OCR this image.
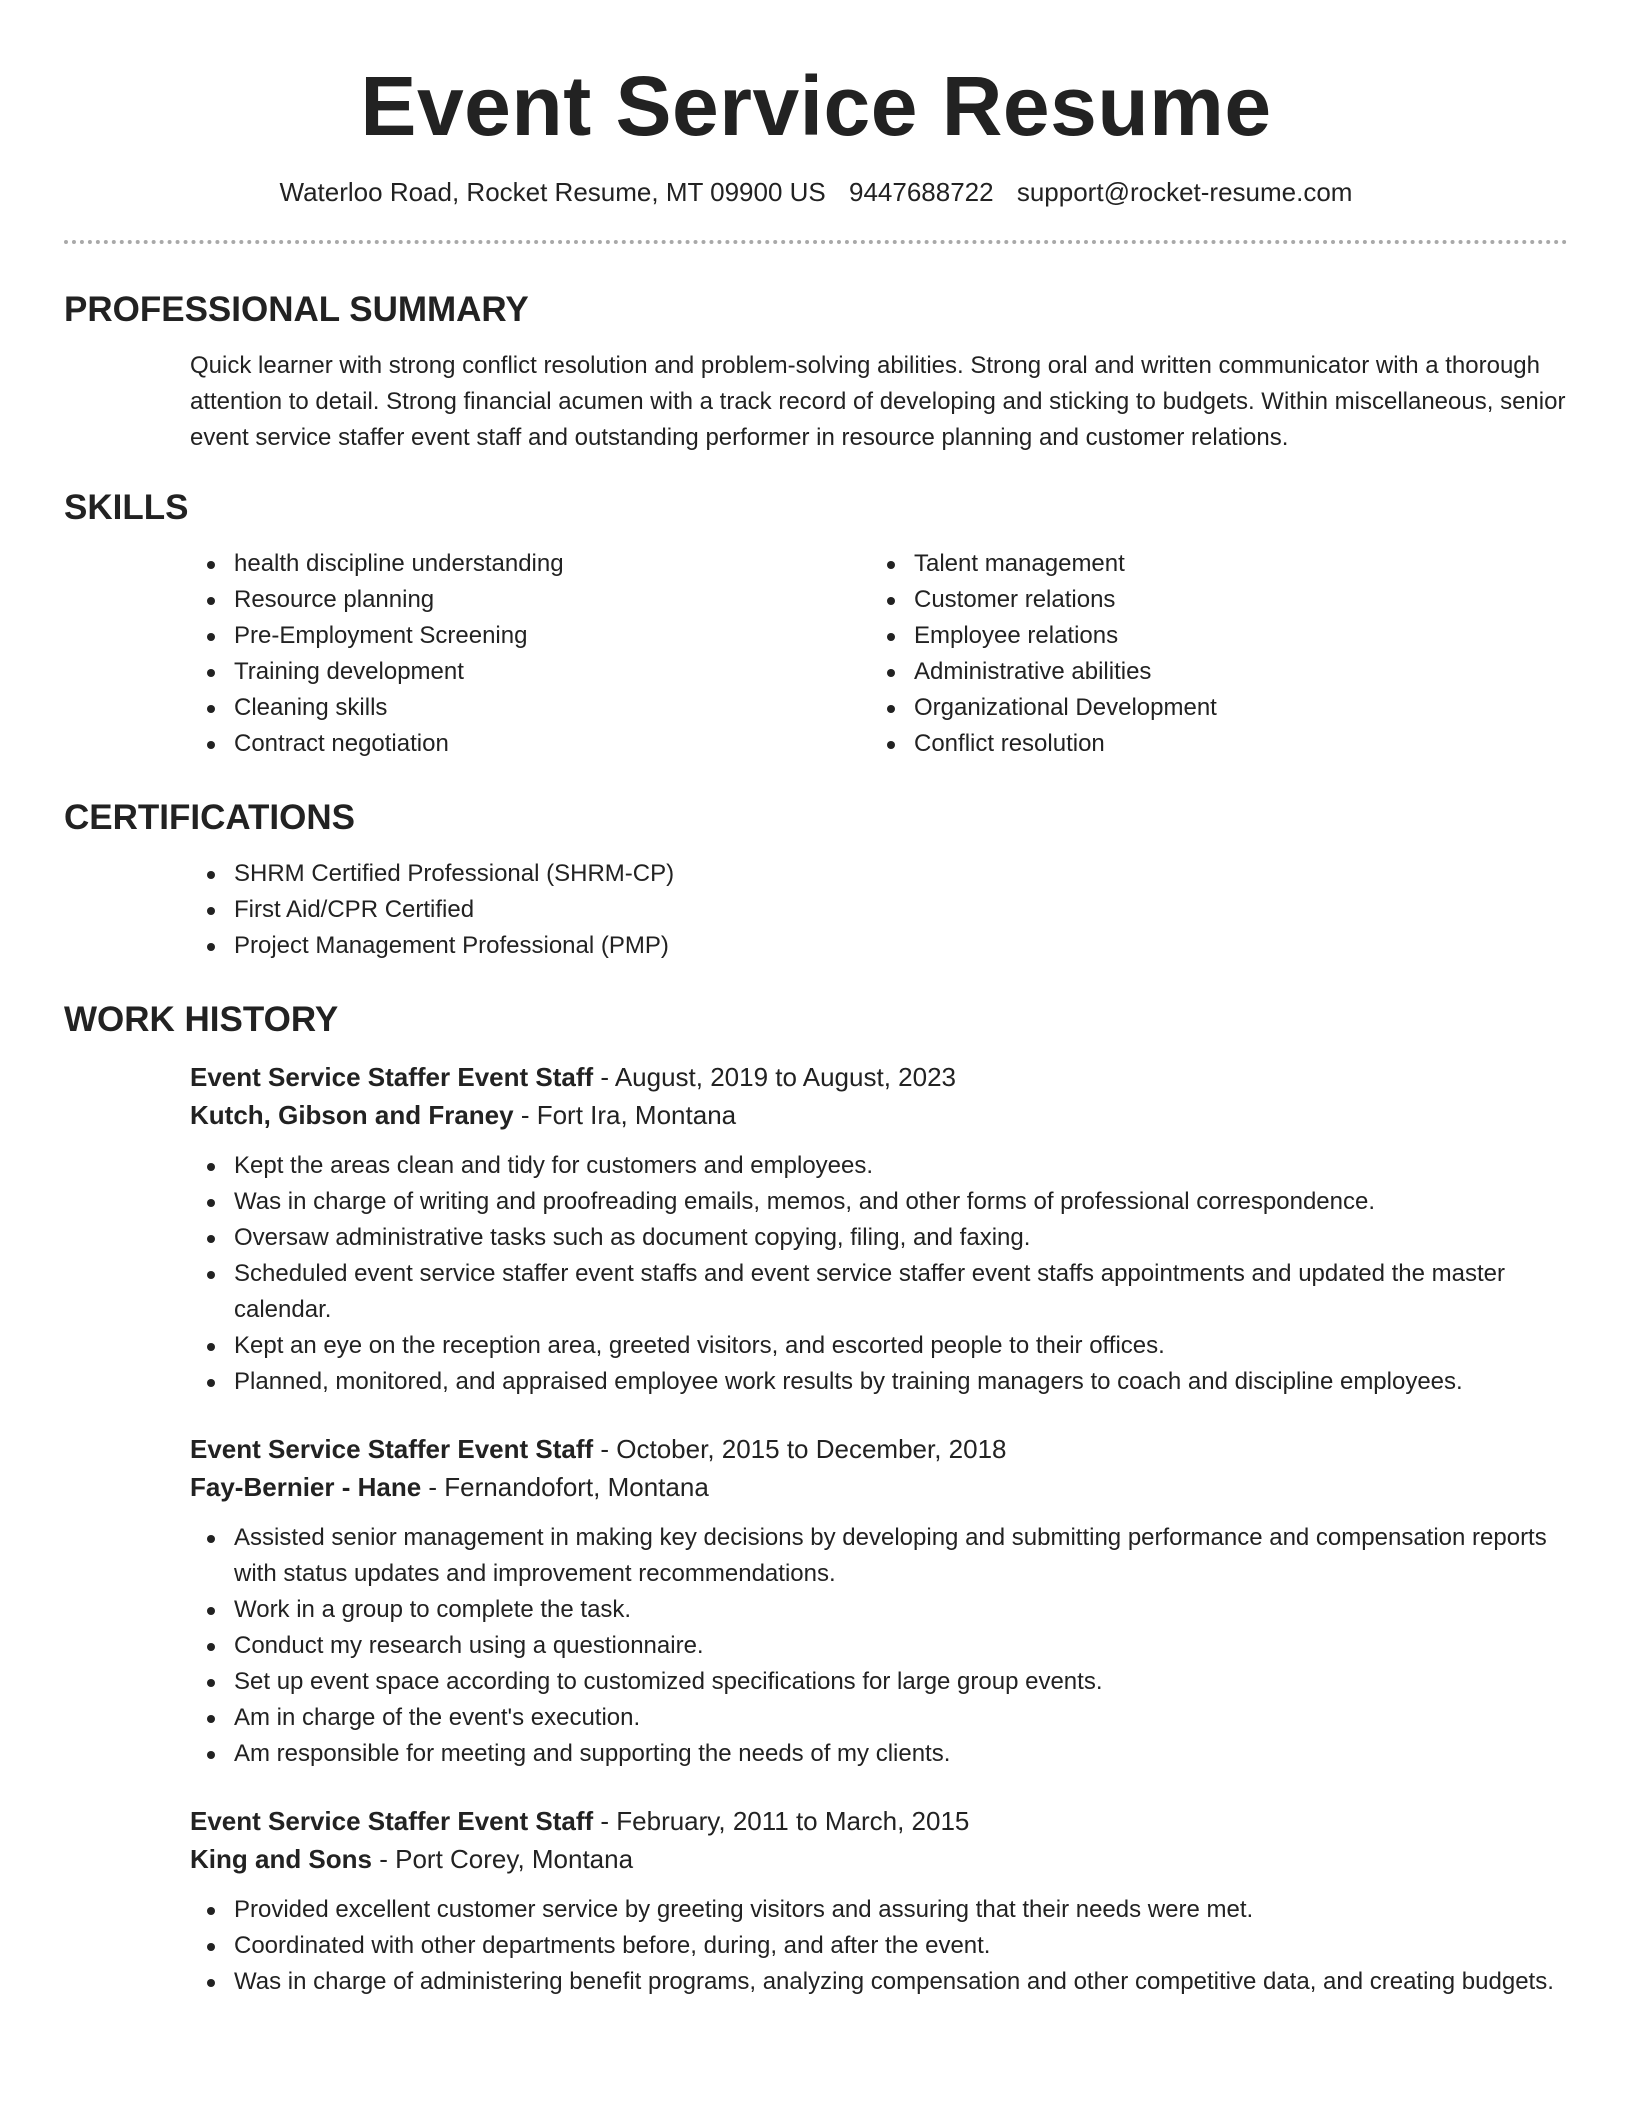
Event Service Resume
Waterloo Road, Rocket Resume, MT 09900 US 9447688722 support@rocket-resume.com
PROFESSIONAL SUMMARY

Quick learner with strong conflict resolution and problem-solving abilities. Strong oral and written communicator with a thorough attention to detail. Strong financial acumen with a track record of developing and sticking to budgets. Within miscellaneous, senior event service staffer event staff and outstanding performer in resource planning and customer relations.

SKILLS
health discipline understanding
Resource planning
Pre-Employment Screening
Training development
Cleaning skills
Contract negotiation
Talent management
Customer relations
Employee relations
Administrative abilities
Organizational Development
Conflict resolution
CERTIFICATIONS
SHRM Certified Professional (SHRM-CP)
First Aid/CPR Certified
Project Management Professional (PMP)
WORK HISTORY
Event Service Staffer Event Staff - August, 2019 to August, 2023
Kutch, Gibson and Franey - Fort Ira, Montana
Kept the areas clean and tidy for customers and employees.
Was in charge of writing and proofreading emails, memos, and other forms of professional correspondence.
Oversaw administrative tasks such as document copying, filing, and faxing.
Scheduled event service staffer event staffs and event service staffer event staffs appointments and updated the master calendar.
Kept an eye on the reception area, greeted visitors, and escorted people to their offices.
Planned, monitored, and appraised employee work results by training managers to coach and discipline employees.
Event Service Staffer Event Staff - October, 2015 to December, 2018
Fay-Bernier - Hane - Fernandofort, Montana
Assisted senior management in making key decisions by developing and submitting performance and compensation reports with status updates and improvement recommendations.
Work in a group to complete the task.
Conduct my research using a questionnaire.
Set up event space according to customized specifications for large group events.
Am in charge of the event's execution.
Am responsible for meeting and supporting the needs of my clients.
Event Service Staffer Event Staff - February, 2011 to March, 2015
King and Sons - Port Corey, Montana
Provided excellent customer service by greeting visitors and assuring that their needs were met.
Coordinated with other departments before, during, and after the event.
Was in charge of administering benefit programs, analyzing compensation and other competitive data, and creating budgets.
